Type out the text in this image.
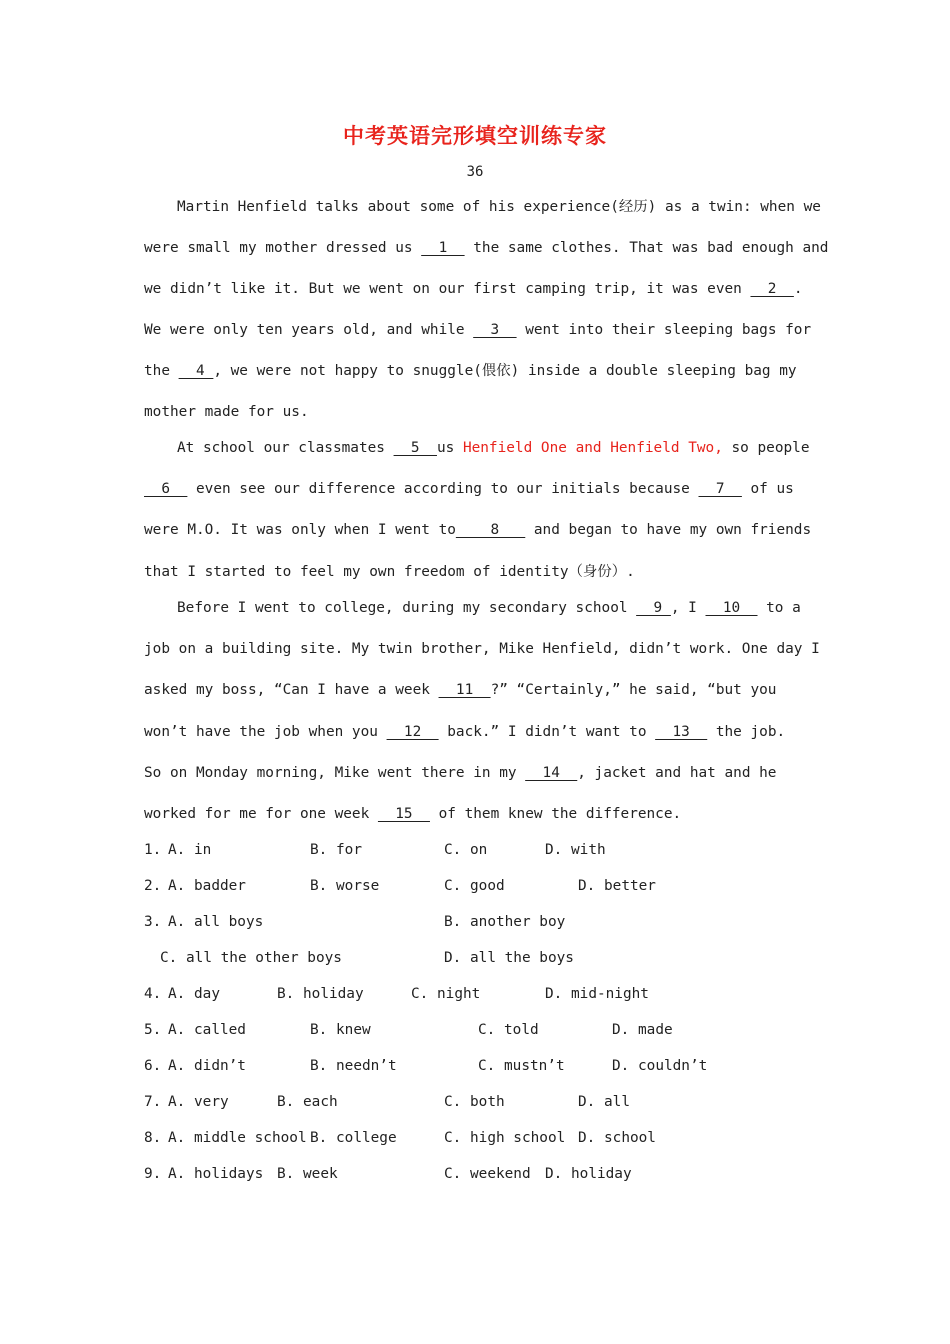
中考英语完形填空训练专家
36
Martin Henfield talks about some of his experience(经历) as a twin: when we
were small my mother dressed us __1__ the same clothes. That was bad enough and
we didn’t like it. But we went on our first camping trip, it was even __2__.
We were only ten years old, and while __3__ went into their sleeping bags for
the __4_, we were not happy to snuggle(偎依) inside a double sleeping bag my
mother made for us.
At school our classmates __5__us Henfield One and Henfield Two, so people
__6__ even see our difference according to our initials because __7__ of us
were M.O. It was only when I went to____8___ and began to have my own friends
that I started to feel my own freedom of identity（身份）.
Before I went to college, during my secondary school __9_, I __10__ to a
job on a building site. My twin brother, Mike Henfield, didn’t work. One day I
asked my boss, “Can I have a week __11__?” “Certainly,” he said, “but you
won’t have the job when you __12__ back.” I didn’t want to __13__ the job.
So on Monday morning, Mike went there in my __14__, jacket and hat and he
worked for me for one week __15__ of them knew the difference.
1. A. in	B. for	C. on	D. with
2. A. badder	B. worse	C. good	D. better
3. A. all boys	B. another boy
C. all the other boys	D. all the boys
4. A. day	B. holiday	C. night	D. mid-night
5. A. called	B. knew	C. told	D. made
6. A. didn’t	B. needn’t	C. mustn’t	D. couldn’t
7. A. very	B. each	C. both	D. all
8. A. middle school B. college	C. high school D. school
9. A. holidays B. week	C. weekend D. holiday
